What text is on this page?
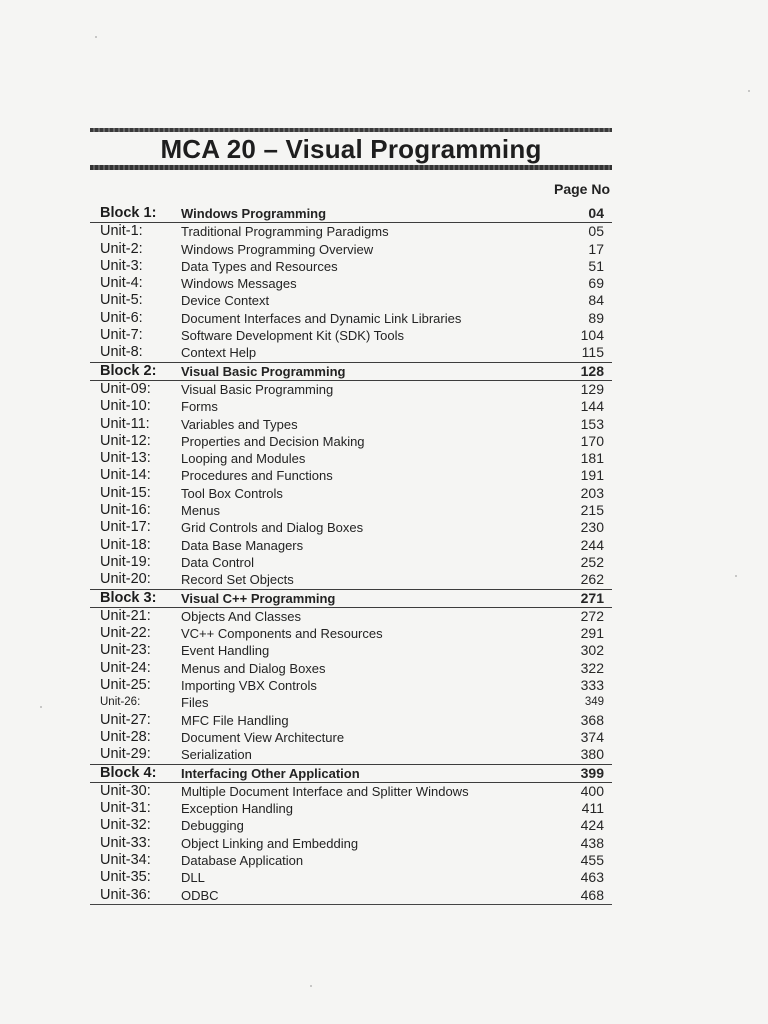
MCA 20 – Visual Programming
Page No
Block 1: Windows Programming	04
Unit-1:	Traditional Programming Paradigms	05
Unit-2:	Windows Programming Overview	17
Unit-3:	Data Types and Resources	51
Unit-4:	Windows Messages	69
Unit-5:	Device Context	84
Unit-6:	Document Interfaces and Dynamic Link Libraries	89
Unit-7:	Software Development Kit (SDK) Tools	104
Unit-8:	Context Help	115
Block 2: Visual Basic Programming	128
Unit-09: Visual Basic Programming	129
Unit-10: Forms	144
Unit-11: Variables and Types	153
Unit-12: Properties and Decision Making	170
Unit-13: Looping and Modules	181
Unit-14: Procedures and Functions	191
Unit-15: Tool Box Controls	203
Unit-16: Menus	215
Unit-17: Grid Controls and Dialog Boxes	230
Unit-18: Data Base Managers	244
Unit-19: Data Control	252
Unit-20: Record Set Objects	262
Block 3: Visual C++ Programming	271
Unit-21: Objects And Classes	272
Unit-22: VC++ Components and Resources	291
Unit-23: Event Handling	302
Unit-24: Menus and Dialog Boxes	322
Unit-25: Importing VBX Controls	333
Unit-26:	Files	349
Unit-27: MFC File Handling	368
Unit-28: Document View Architecture	374
Unit-29: Serialization	380
Block 4: Interfacing Other Application	399
Unit-30: Multiple Document Interface and Splitter Windows	400
Unit-31: Exception Handling	411
Unit-32: Debugging	424
Unit-33: Object Linking and Embedding	438
Unit-34: Database Application	455
Unit-35: DLL	463
Unit-36: ODBC	468
